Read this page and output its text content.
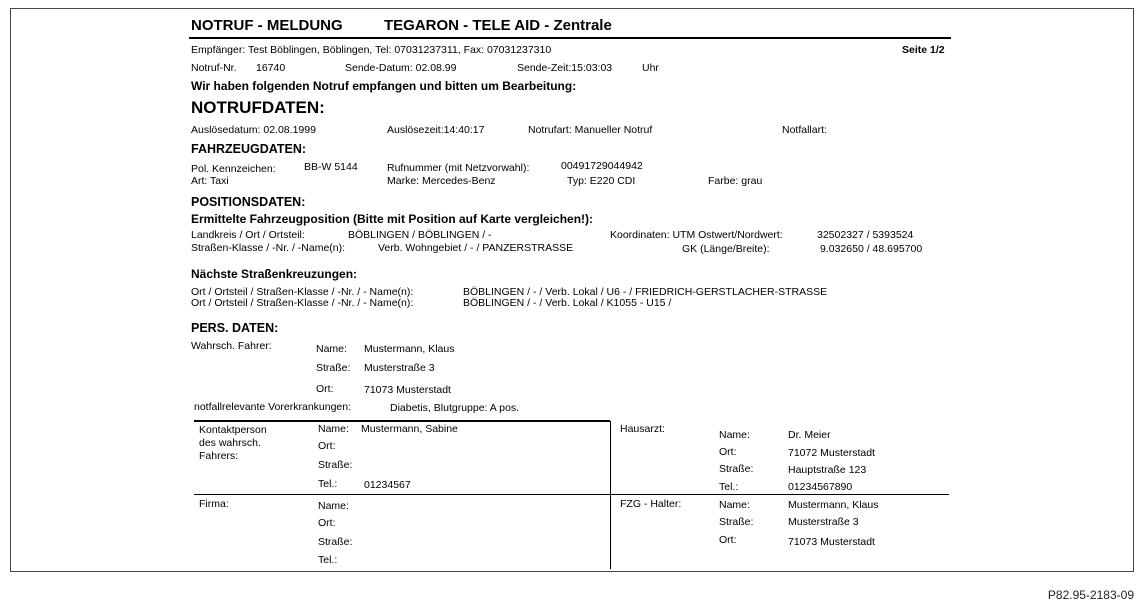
NOTRUF - MELDUNG	TEGARON - TELE AID - Zentrale
Empfänger: Test Böblingen, Böblingen, Tel: 07031237311, Fax: 07031237310	Seite 1/2
Notruf-Nr. 16740	Sende-Datum: 02.08.99	Sende-Zeit:15:03:03	Uhr
Wir haben folgenden Notruf empfangen und bitten um Bearbeitung:
NOTRUFDATEN:
Auslösedatum: 02.08.1999	Auslösezeit:14:40:17	Notrufart: Manueller Notruf	Notfallart:
FAHRZEUGDATEN:
Pol. Kennzeichen:	BB-W 5144
Art: Taxi
Rufnummer (mit Netzvorwahl):	00491729044942
Marke: Mercedes-Benz	Typ: E220 CDI	Farbe: grau
POSITIONSDATEN:
Ermittelte Fahrzeugposition (Bitte mit Position auf Karte vergleichen!):
Landkreis / Ort / Ortsteil:	BÖBLINGEN / BÖBLINGEN / -
Straßen-Klasse / -Nr. / -Name(n):	Verb. Wohngebiet / - / PANZERSTRASSE
Koordinaten: UTM Ostwert/Nordwert:	32502327 / 5393524
GK (Länge/Breite):	9.032650 / 48.695700
Nächste Straßenkreuzungen:
Ort / Ortsteil / Straßen-Klasse / -Nr. / - Name(n):	BÖBLINGEN / - / Verb. Lokal / U6 - / FRIEDRICH-GERSTLACHER-STRASSE
Ort / Ortsteil / Straßen-Klasse / -Nr. / - Name(n):	BÖBLINGEN / - / Verb. Lokal / K1055 - U15 /
PERS. DATEN:
Wahrsch. Fahrer:	Name: Mustermann, Klaus
Straße: Musterstraße 3
Ort:	71073 Musterstadt
notfallrelevante Vorerkrankungen:	Diabetis, Blutgruppe: A pos.
Kontaktperson
des wahrsch.
Fahrers:
Name: Mustermann, Sabine
Ort:
Straße:
Tel.:	01234567
Hausarzt:	Name:	Dr. Meier
Ort:	71072 Musterstadt
Straße:	Hauptstraße 123
Tel.:	01234567890
Firma:	Name:
Ort:
Straße:
Tel.:
FZG - Halter:	Name:	Mustermann, Klaus
Straße:	Musterstraße 3
Ort:	71073 Musterstadt
P82.95-2183-09
